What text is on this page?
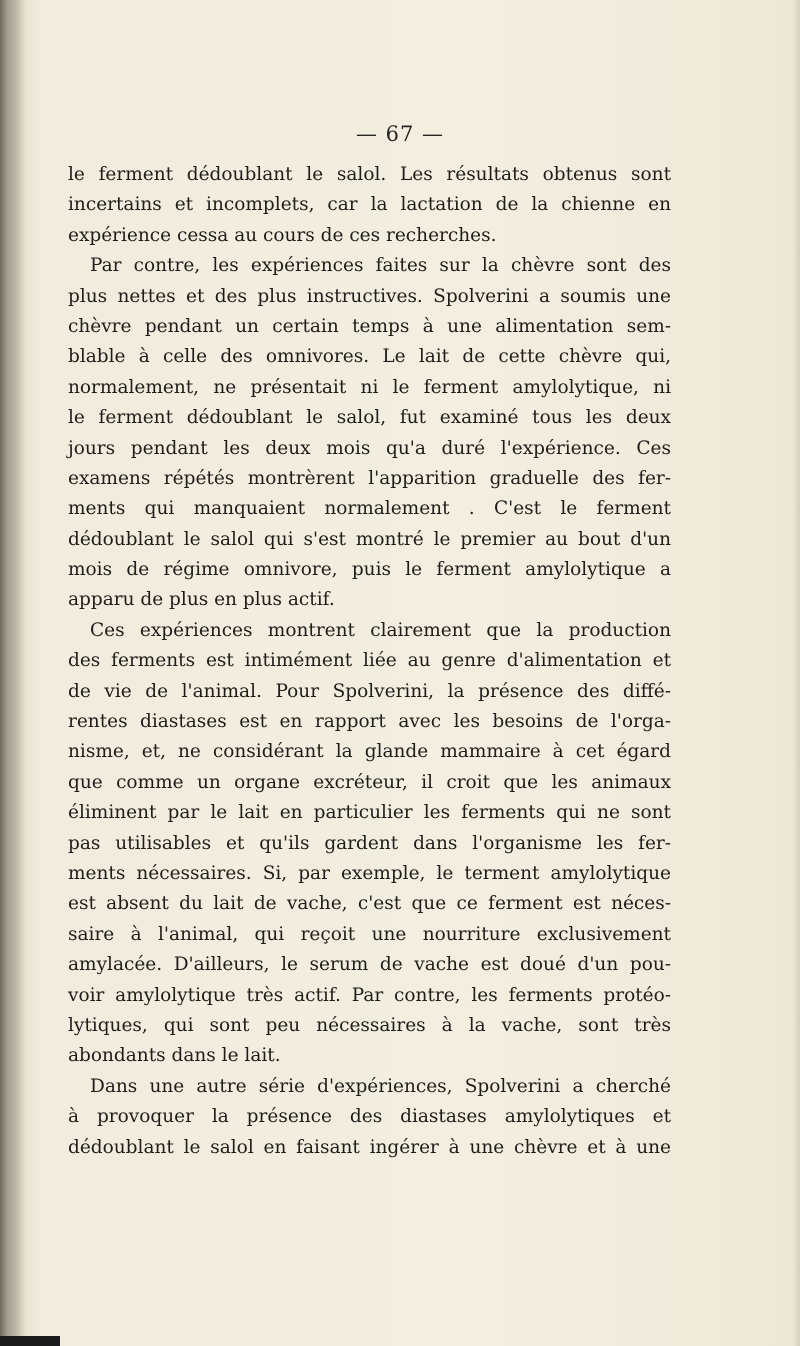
— 67 —
le ferment dédoublant le salol. Les résultats obtenus sont
incertains et incomplets, car la lactation de la chienne en
expérience cessa au cours de ces recherches.
Par contre, les expériences faites sur la chèvre sont des
plus nettes et des plus instructives. Spolverini a soumis une
chèvre pendant un certain temps à une alimentation sem-
blable à celle des omnivores. Le lait de cette chèvre qui,
normalement, ne présentait ni le ferment amylolytique, ni
le ferment dédoublant le salol, fut examiné tous les deux
jours pendant les deux mois qu'a duré l'expérience. Ces
examens répétés montrèrent l'apparition graduelle des fer-
ments qui manquaient normalement . C'est le ferment
dédoublant le salol qui s'est montré le premier au bout d'un
mois de régime omnivore, puis le ferment amylolytique a
apparu de plus en plus actif.
Ces expériences montrent clairement que la production
des ferments est intimément liée au genre d'alimentation et
de vie de l'animal. Pour Spolverini, la présence des diffé-
rentes diastases est en rapport avec les besoins de l'orga-
nisme, et, ne considérant la glande mammaire à cet égard
que comme un organe excréteur, il croit que les animaux
éliminent par le lait en particulier les ferments qui ne sont
pas utilisables et qu'ils gardent dans l'organisme les fer-
ments nécessaires. Si, par exemple, le terment amylolytique
est absent du lait de vache, c'est que ce ferment est néces-
saire à l'animal, qui reçoit une nourriture exclusivement
amylacée. D'ailleurs, le serum de vache est doué d'un pou-
voir amylolytique très actif. Par contre, les ferments protéo-
lytiques, qui sont peu nécessaires à la vache, sont très
abondants dans le lait.
Dans une autre série d'expériences, Spolverini a cherché
à provoquer la présence des diastases amylolytiques et
dédoublant le salol en faisant ingérer à une chèvre et à une
